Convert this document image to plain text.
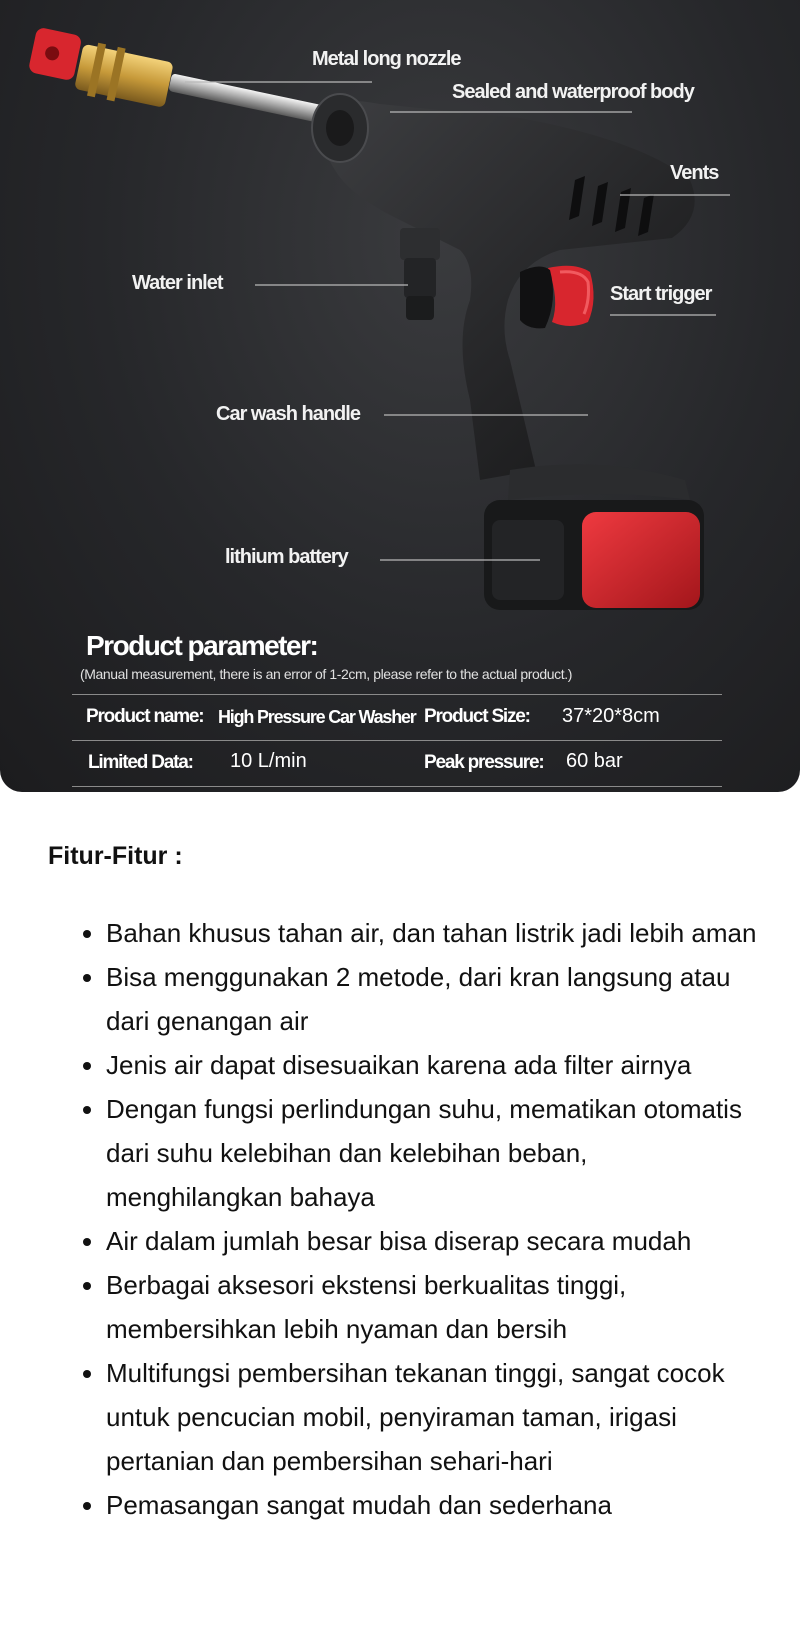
Metal long nozzle
Sealed and waterproof body
Vents
Water inlet	Start trigger
Car wash handle
lithium battery
Product parameter:
(Manual measurement, there is an error of 1-2cm, please refer to the actual product.)
Product name: High Pressure Car Washer Product Size: 37*20*8cm
Limited Data: 10 L/min	Peak pressure: 60 bar
Fitur-Fitur :
• Bahan khusus tahan air, dan tahan listrik jadi lebih aman
• Bisa menggunakan 2 metode, dari kran langsung atau dari genangan air
• Jenis air dapat disesuaikan karena ada filter airnya
• Dengan fungsi perlindungan suhu, mematikan otomatis dari suhu kelebihan dan kelebihan beban, menghilangkan bahaya
• Air dalam jumlah besar bisa diserap secara mudah
• Berbagai aksesori ekstensi berkualitas tinggi, membersihkan lebih nyaman dan bersih
• Multifungsi pembersihan tekanan tinggi, sangat cocok untuk pencucian mobil, penyiraman taman, irigasi pertanian dan pembersihan sehari-hari
• Pemasangan sangat mudah dan sederhana
